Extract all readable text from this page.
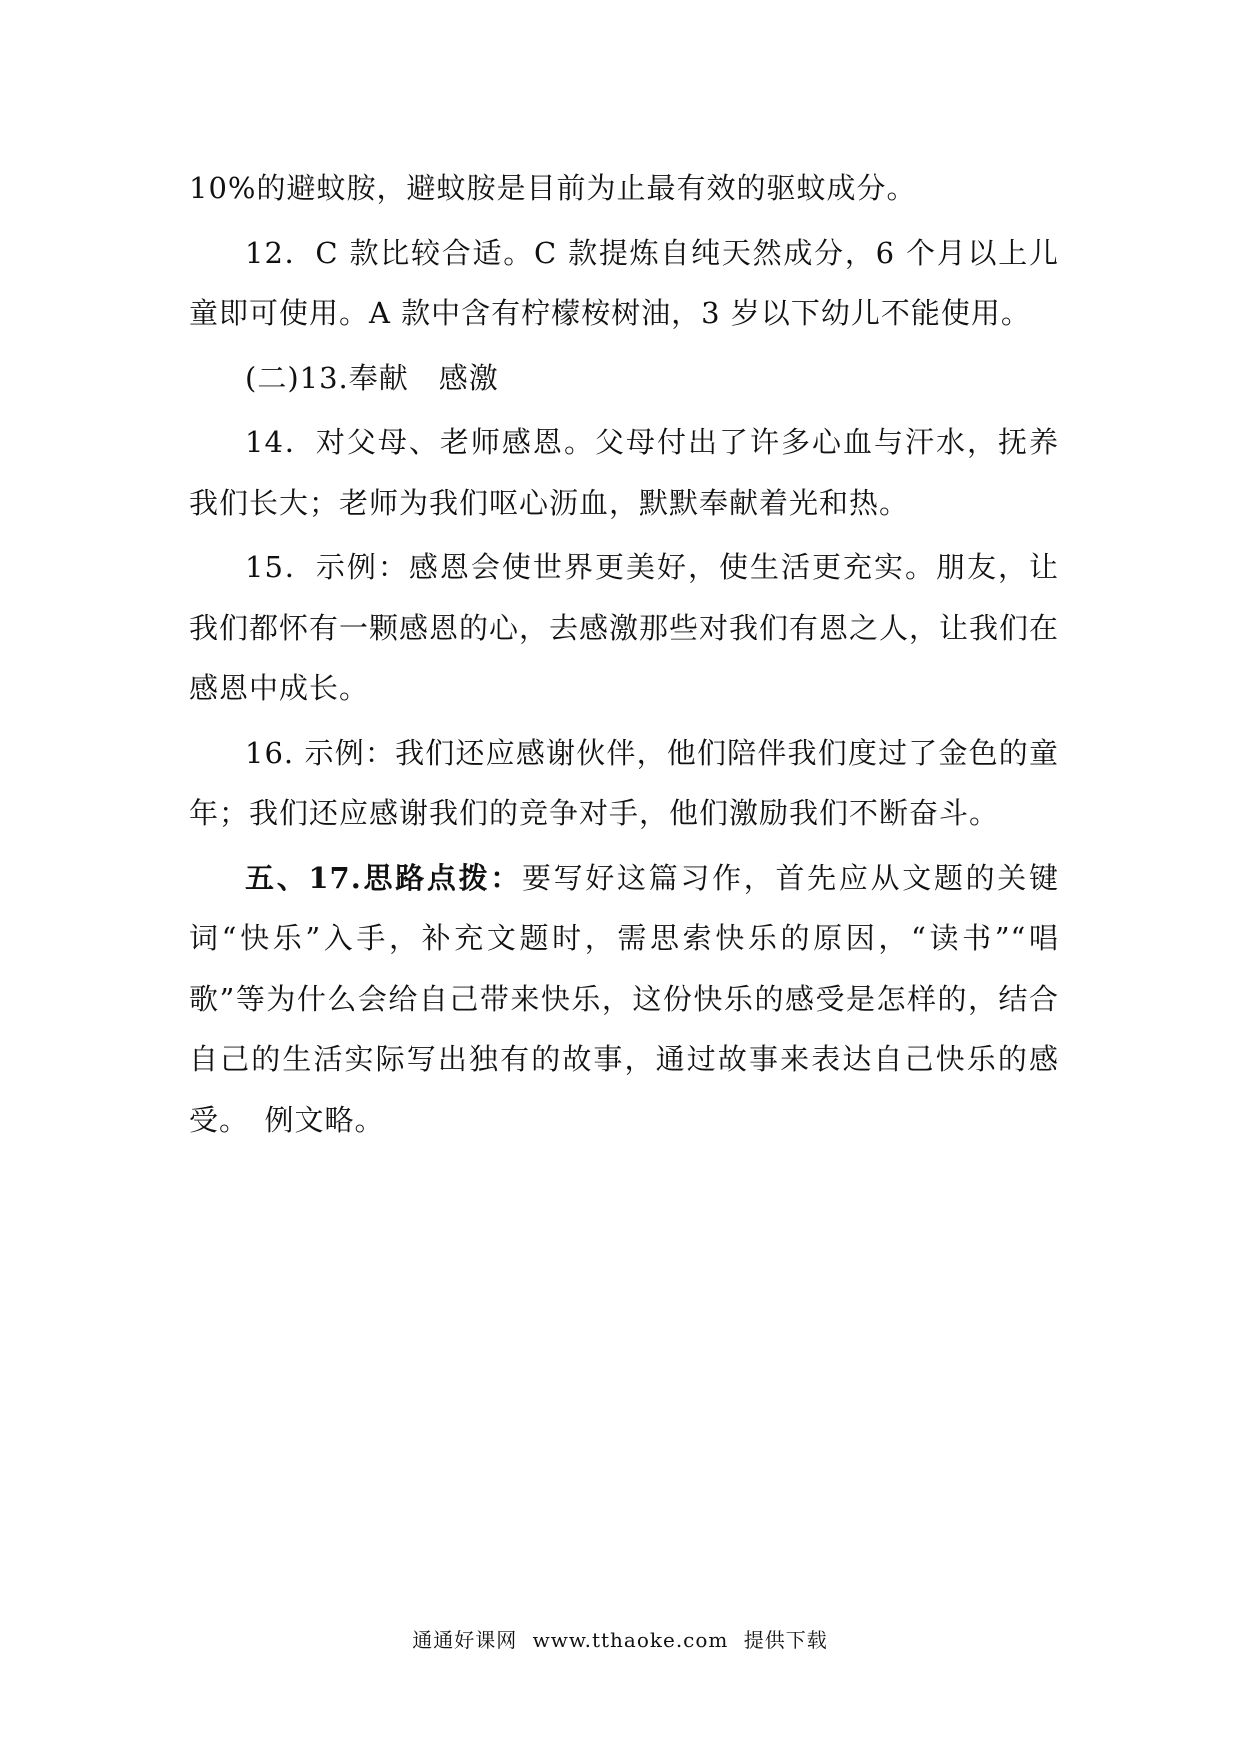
10%的避蚊胺，避蚊胺是目前为止最有效的驱蚊成分。

12．C 款比较合适。C 款提炼自纯天然成分，6 个月以上儿童即可使用。A 款中含有柠檬桉树油，3 岁以下幼儿不能使用。

(二)13.奉献　感激

14．对父母、老师感恩。父母付出了许多心血与汗水，抚养我们长大；老师为我们呕心沥血，默默奉献着光和热。

15．示例：感恩会使世界更美好，使生活更充实。朋友，让我们都怀有一颗感恩的心，去感激那些对我们有恩之人，让我们在感恩中成长。

16. 示例：我们还应感谢伙伴，他们陪伴我们度过了金色的童年；我们还应感谢我们的竞争对手，他们激励我们不断奋斗。

五、17.思路点拨：要写好这篇习作，首先应从文题的关键词“快乐”入手，补充文题时，需思索快乐的原因，“读书”“唱歌”等为什么会给自己带来快乐，这份快乐的感受是怎样的，结合自己的生活实际写出独有的故事，通过故事来表达自己快乐的感受。　例文略。

通通好课网 www.tthaoke.com 提供下载
